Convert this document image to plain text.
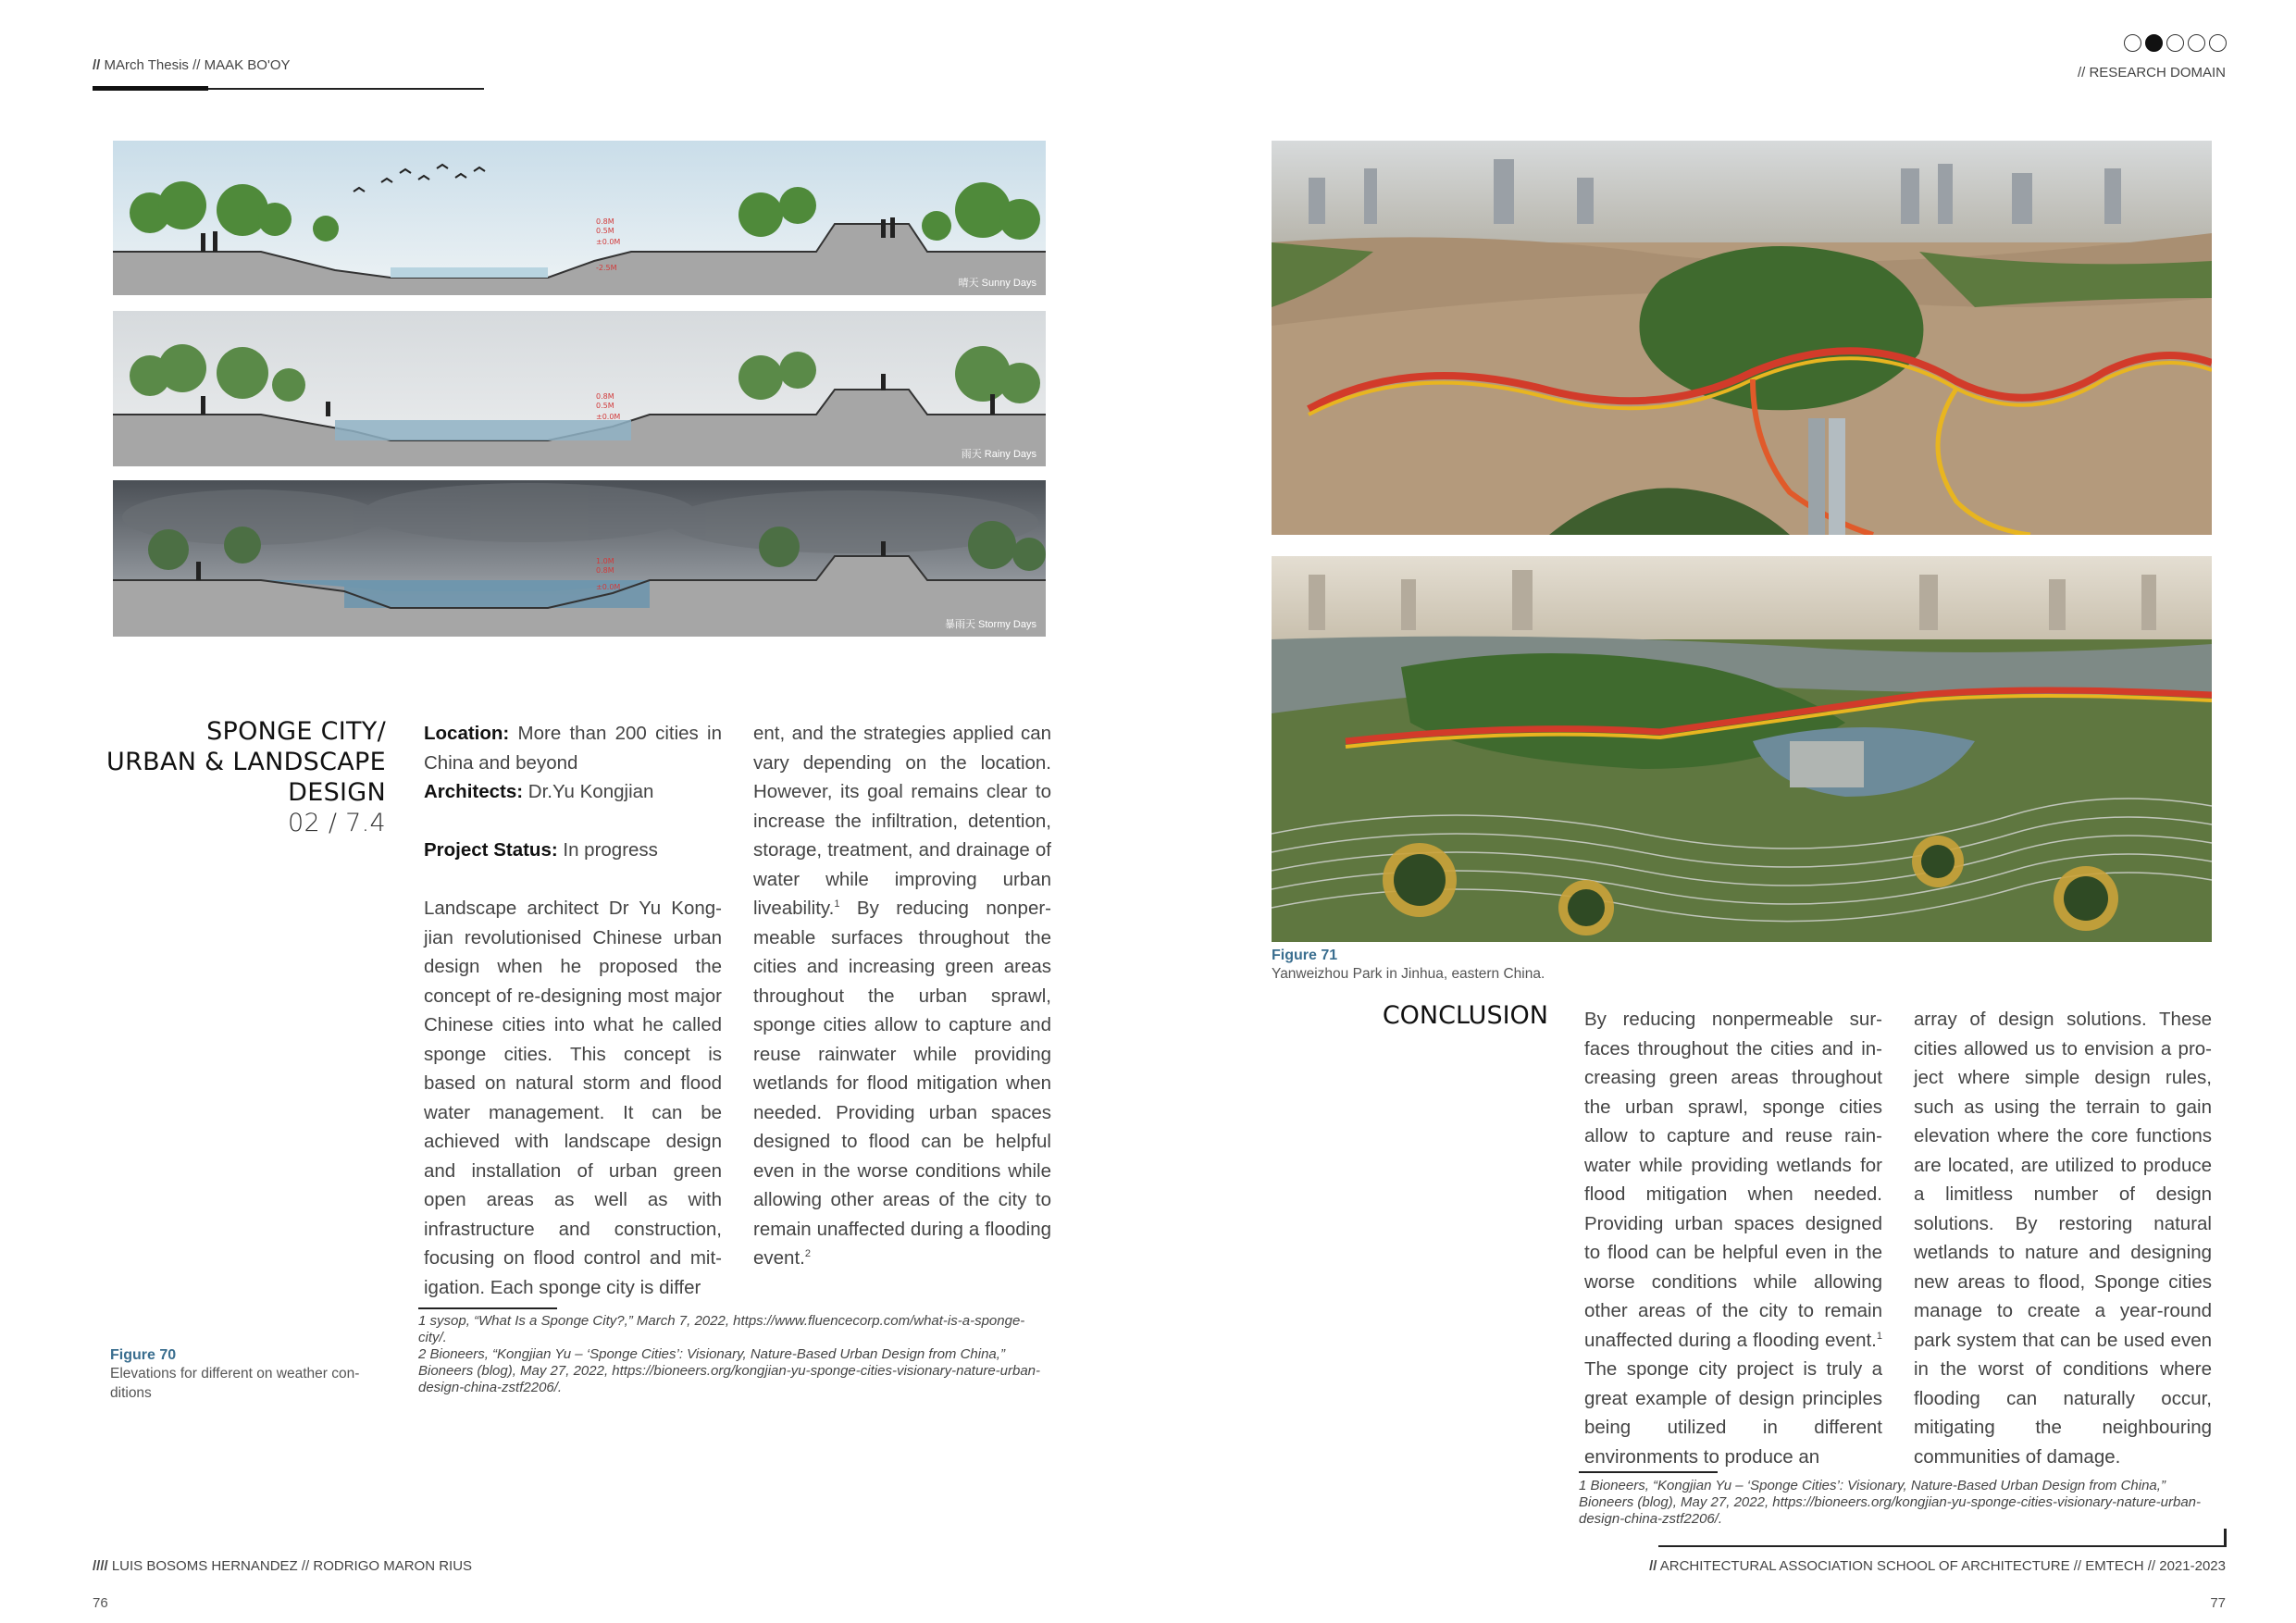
// MArch Thesis // MAAK BO'OY	// RESEARCH DOMAIN
0.8M
0.5M
±0.0M
-2.5M
晴天 Sunny Days
0.8M
0.5M
±0.0M
雨天 Rainy Days
1.0M
0.8M
±0.0M
暴雨天 Stormy Days
SPONGE CITY/
URBAN & LANDSCAPE
DESIGN
02 / 7.4
Location: More than 200 cities in China and beyond
Architects: Dr.Yu Kongjian
Project Status: In progress

Landscape architect Dr Yu Kongjian revolutionised Chinese urban design when he proposed the concept of re-designing most major Chinese cities into what he called sponge cities. This concept is based on natural storm and flood water management. It can be achieved with landscape design and installation of urban green open areas as well as with infrastructure and construction, focusing on flood control and mitigation. Each sponge city is differ

ent, and the strategies applied can vary depending on the location. However, its goal remains clear to increase the infiltration, detention, storage, treatment, and drainage of water while improving urban liveability.$^1$ By reducing nonpermeable surfaces throughout the cities and increasing green areas throughout the urban sprawl, sponge cities allow to capture and reuse rainwater while providing wetlands for flood mitigation when needed. Providing urban spaces designed to flood can be helpful even in the worse conditions while allowing other areas of the city to remain unaffected during a flooding event.$^2$

1 sysop, “What Is a Sponge City?,” March 7, 2022, https://www.fluencecorp.com/what-is-a-sponge-city/.
2 Bioneers, “Kongjian Yu – ‘Sponge Cities’: Visionary, Nature-Based Urban Design from China,” Bioneers (blog), May 27, 2022, https://bioneers.org/kongjian-yu-sponge-cities-visionary-nature-urban-design-china-zstf2206/.
Figure 70
Elevations for different on weather conditions
Figure 71
Yanweizhou Park in Jinhua, eastern China.
CONCLUSION By reducing nonpermeable surfaces throughout the cities and increasing green areas throughout the urban sprawl, sponge cities allow to capture and reuse rainwater while providing wetlands for flood mitigation when needed. Providing urban spaces designed to flood can be helpful even in the worse conditions while allowing other areas of the city to remain unaffected during a flooding event.$^1$ The sponge city project is truly a great example of design principles being utilized in different environments to produce an

array of design solutions. These cities allowed us to envision a project where simple design rules, such as using the terrain to gain elevation where the core functions are located, are utilized to produce a limitless number of design solutions. By restoring natural wetlands to nature and designing new areas to flood, Sponge cities manage to create a year-round park system that can be used even in the worst of conditions where flooding can naturally occur, mitigating the neighbouring communities of damage.

1 Bioneers, “Kongjian Yu – ‘Sponge Cities’: Visionary, Nature-Based Urban Design from China,” Bioneers (blog), May 27, 2022, https://bioneers.org/kongjian-yu-sponge-cities-visionary-nature-urban-design-china-zstf2206/.
//// LUIS BOSOMS HERNANDEZ // RODRIGO MARON RIUS	// ARCHITECTURAL ASSOCIATION SCHOOL OF ARCHITECTURE // EMTECH // 2021-2023
76	77
